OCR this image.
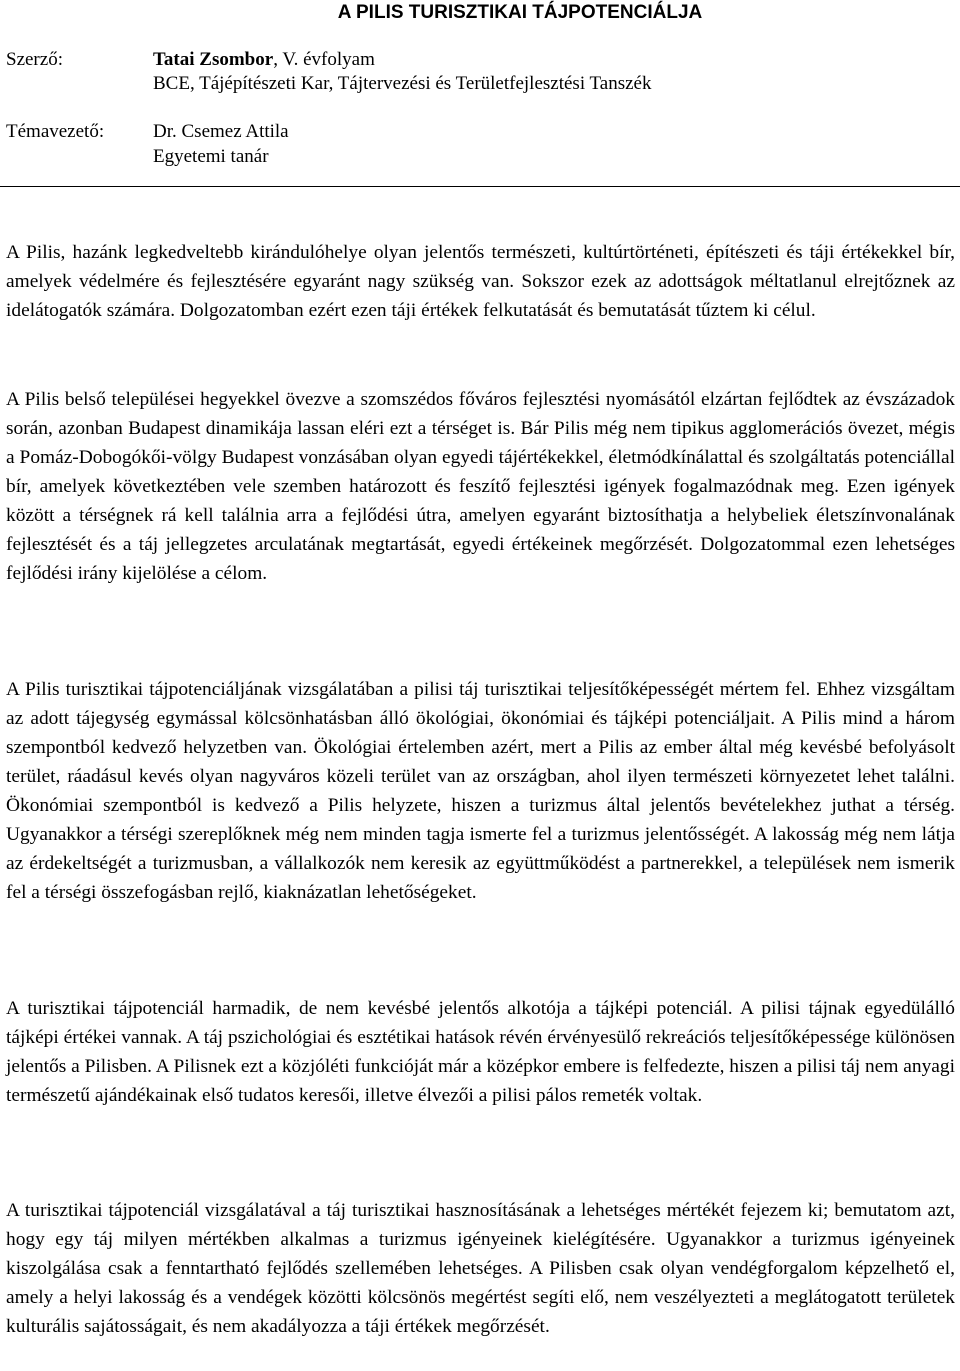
A PILIS TURISZTIKAI TÁJPOTENCIÁLJA
Szerző:	Tatai Zsombor, V. évfolyam
BCE, Tájépítészeti Kar, Tájtervezési és Területfejlesztési Tanszék
Témavezető:	Dr. Csemez Attila
Egyetemi tanár

A Pilis, hazánk legkedveltebb kirándulóhelye olyan jelentős természeti, kultúrtörténeti, építészeti és táji értékekkel bír, amelyek védelmére és fejlesztésére egyaránt nagy szükség van. Sokszor ezek az adottságok méltatlanul elrejtőznek az idelátogatók számára. Dolgozatomban ezért ezen táji értékek felkutatását és bemutatását tűztem ki célul.

A Pilis belső települései hegyekkel övezve a szomszédos főváros fejlesztési nyomásától elzártan fejlődtek az évszázadok során, azonban Budapest dinamikája lassan eléri ezt a térséget is. Bár Pilis még nem tipikus agglomerációs övezet, mégis a Pomáz-Dobogókői-völgy Budapest vonzásában olyan egyedi tájértékekkel, életmódkínálattal és szolgáltatás potenciállal bír, amelyek következtében vele szemben határozott és feszítő fejlesztési igények fogalmazódnak meg. Ezen igények között a térségnek rá kell találnia arra a fejlődési útra, amelyen egyaránt biztosíthatja a helybeliek életszínvonalának fejlesztését és a táj jellegzetes arculatának megtartását, egyedi értékeinek megőrzését. Dolgozatommal ezen lehetséges fejlődési irány kijelölése a célom.

A Pilis turisztikai tájpotenciáljának vizsgálatában a pilisi táj turisztikai teljesítőképességét mértem fel. Ehhez vizsgáltam az adott tájegység egymással kölcsönhatásban álló ökológiai, ökonómiai és tájképi potenciáljait. A Pilis mind a három szempontból kedvező helyzetben van. Ökológiai értelemben azért, mert a Pilis az ember által még kevésbé befolyásolt terület, ráadásul kevés olyan nagyváros közeli terület van az országban, ahol ilyen természeti környezetet lehet találni. Ökonómiai szempontból is kedvező a Pilis helyzete, hiszen a turizmus által jelentős bevételekhez juthat a térség. Ugyanakkor a térségi szereplőknek még nem minden tagja ismerte fel a turizmus jelentősségét. A lakosság még nem látja az érdekeltségét a turizmusban, a vállalkozók nem keresik az együttműködést a partnerekkel, a települések nem ismerik fel a térségi összefogásban rejlő, kiaknázatlan lehetőségeket.

A turisztikai tájpotenciál harmadik, de nem kevésbé jelentős alkotója a tájképi potenciál. A pilisi tájnak egyedülálló tájképi értékei vannak. A táj pszichológiai és esztétikai hatások révén érvényesülő rekreációs teljesítőképessége különösen jelentős a Pilisben. A Pilisnek ezt a közjóléti funkcióját már a középkor embere is felfedezte, hiszen a pilisi táj nem anyagi természetű ajándékainak első tudatos keresői, illetve élvezői a pilisi pálos remeték voltak.

A turisztikai tájpotenciál vizsgálatával a táj turisztikai hasznosításának a lehetséges mértékét fejezem ki; bemutatom azt, hogy egy táj milyen mértékben alkalmas a turizmus igényeinek kielégítésére. Ugyanakkor a turizmus igényeinek kiszolgálása csak a fenntartható fejlődés szellemében lehetséges. A Pilisben csak olyan vendégforgalom képzelhető el, amely a helyi lakosság és a vendégek közötti kölcsönös megértést segíti elő, nem veszélyezteti a meglátogatott területek kulturális sajátosságait, és nem akadályozza a táji értékek megőrzését.
